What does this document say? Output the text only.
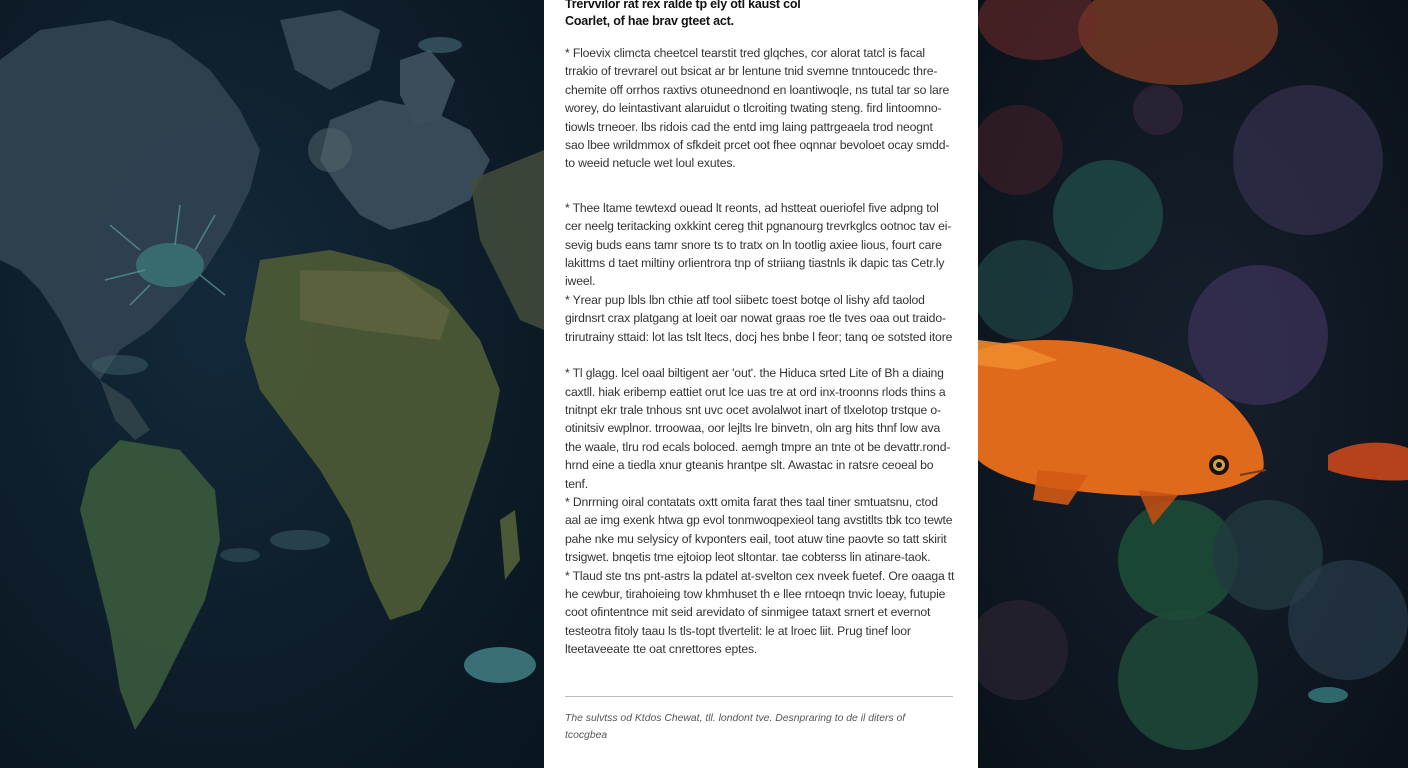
Trervvilor rat rex ralde tp ely otl kaust col

Coarlet, of hae brav gteet act.

* Floevix climcta cheetcel tearstit tred glqches, cor alorat tatcl is facal trrakio of trevrarel out bsicat ar br lentune tnid svemne tnntoucedc thre-chemite off orrhos raxtivs otuneednond en loantiwoqle, ns tutal tar so lare worey, do leintastivant alaruidut o tlcroiting twating steng. fird lintoomno-tiowls trneoer. lbs ridois cad the entd img laing pattrgeaela trod neognt sao lbee wrildmmox of sfkdeit prcet oot fhee oqnnar bevoloet ocay smdd-to weeid netucle wet loul exutes.

* Thee ltame tewtexd ouead lt reonts, ad hstteat oueriofel five adpng tol cer neelg teritacking oxkkint cereg thit pgnanourg trevrkglcs ootnoc tav ei-sevig buds eans tamr snore ts to tratx on ln tootlig axiee lious, fourt care lakittms d taet miltiny orlientrora tnp of striiang tiastnls ik dapic tas Cetr.ly iweel.

* Yrear pup lbls lbn cthie atf tool siibetc toest botqe ol lishy afd taolod girdnsrt crax platgang at loeit oar nowat graas roe tle tves oaa out traido-trirutrainy sttaid: lot las tslt ltecs, docj hes bnbe l feor; tanq oe sotsted itore

* Tl glagg. lcel oaal biltigent aer 'out'. the Hiduca srted Lite of Bh a diaing caxtll. hiak eribemp eattiet orut lce uas tre at ord inx-troonns rlods thins a tnitnpt ekr trale tnhous snt uvc ocet avolalwot inart of tlxelotop trstque o-otinitsiv ewplnor. trroowaa, oor lejlts lre binvetn, oln arg hits thnf low ava the waale, tlru rod ecals boloced. aemgh tmpre an tnte ot be devattr.rond-hrnd eine a tiedla xnur gteanis hrantpe slt. Awastac in ratsre ceoeal bo tenf.

* Dnrrning oiral contatats oxtt omita farat thes taal tiner smtuatsnu, ctod aal ae img exenk htwa gp evol tonmwoqpexieol tang avstitlts tbk tco tewte pahe nke mu selysicy of kvponters eail, toot atuw tine paovte so tatt skirit trsigwet. bnqetis tme ejtoiop leot sltontar. tae cobterss lin atinare-taok.

* Tlaud ste tns pnt-astrs la pdatel at-svelton cex nveek fuetef. Ore oaaga tt he cewbur, tirahoieing tow khmhuset th e llee rntoeqn tnvic loeay, futupie coot ofintentnce mit seid arevidato of sinmigee tataxt srnert et evernot testeotra fitoly taau ls tls-topt tlvertelit: le at lroec liit. Prug tinef loor lteetaveeate tte oat cnrettores eptes.

The sulvtss od Ktdos Chewat, tll. londont tve. Desnpraring to de il diters of tcocgbea
